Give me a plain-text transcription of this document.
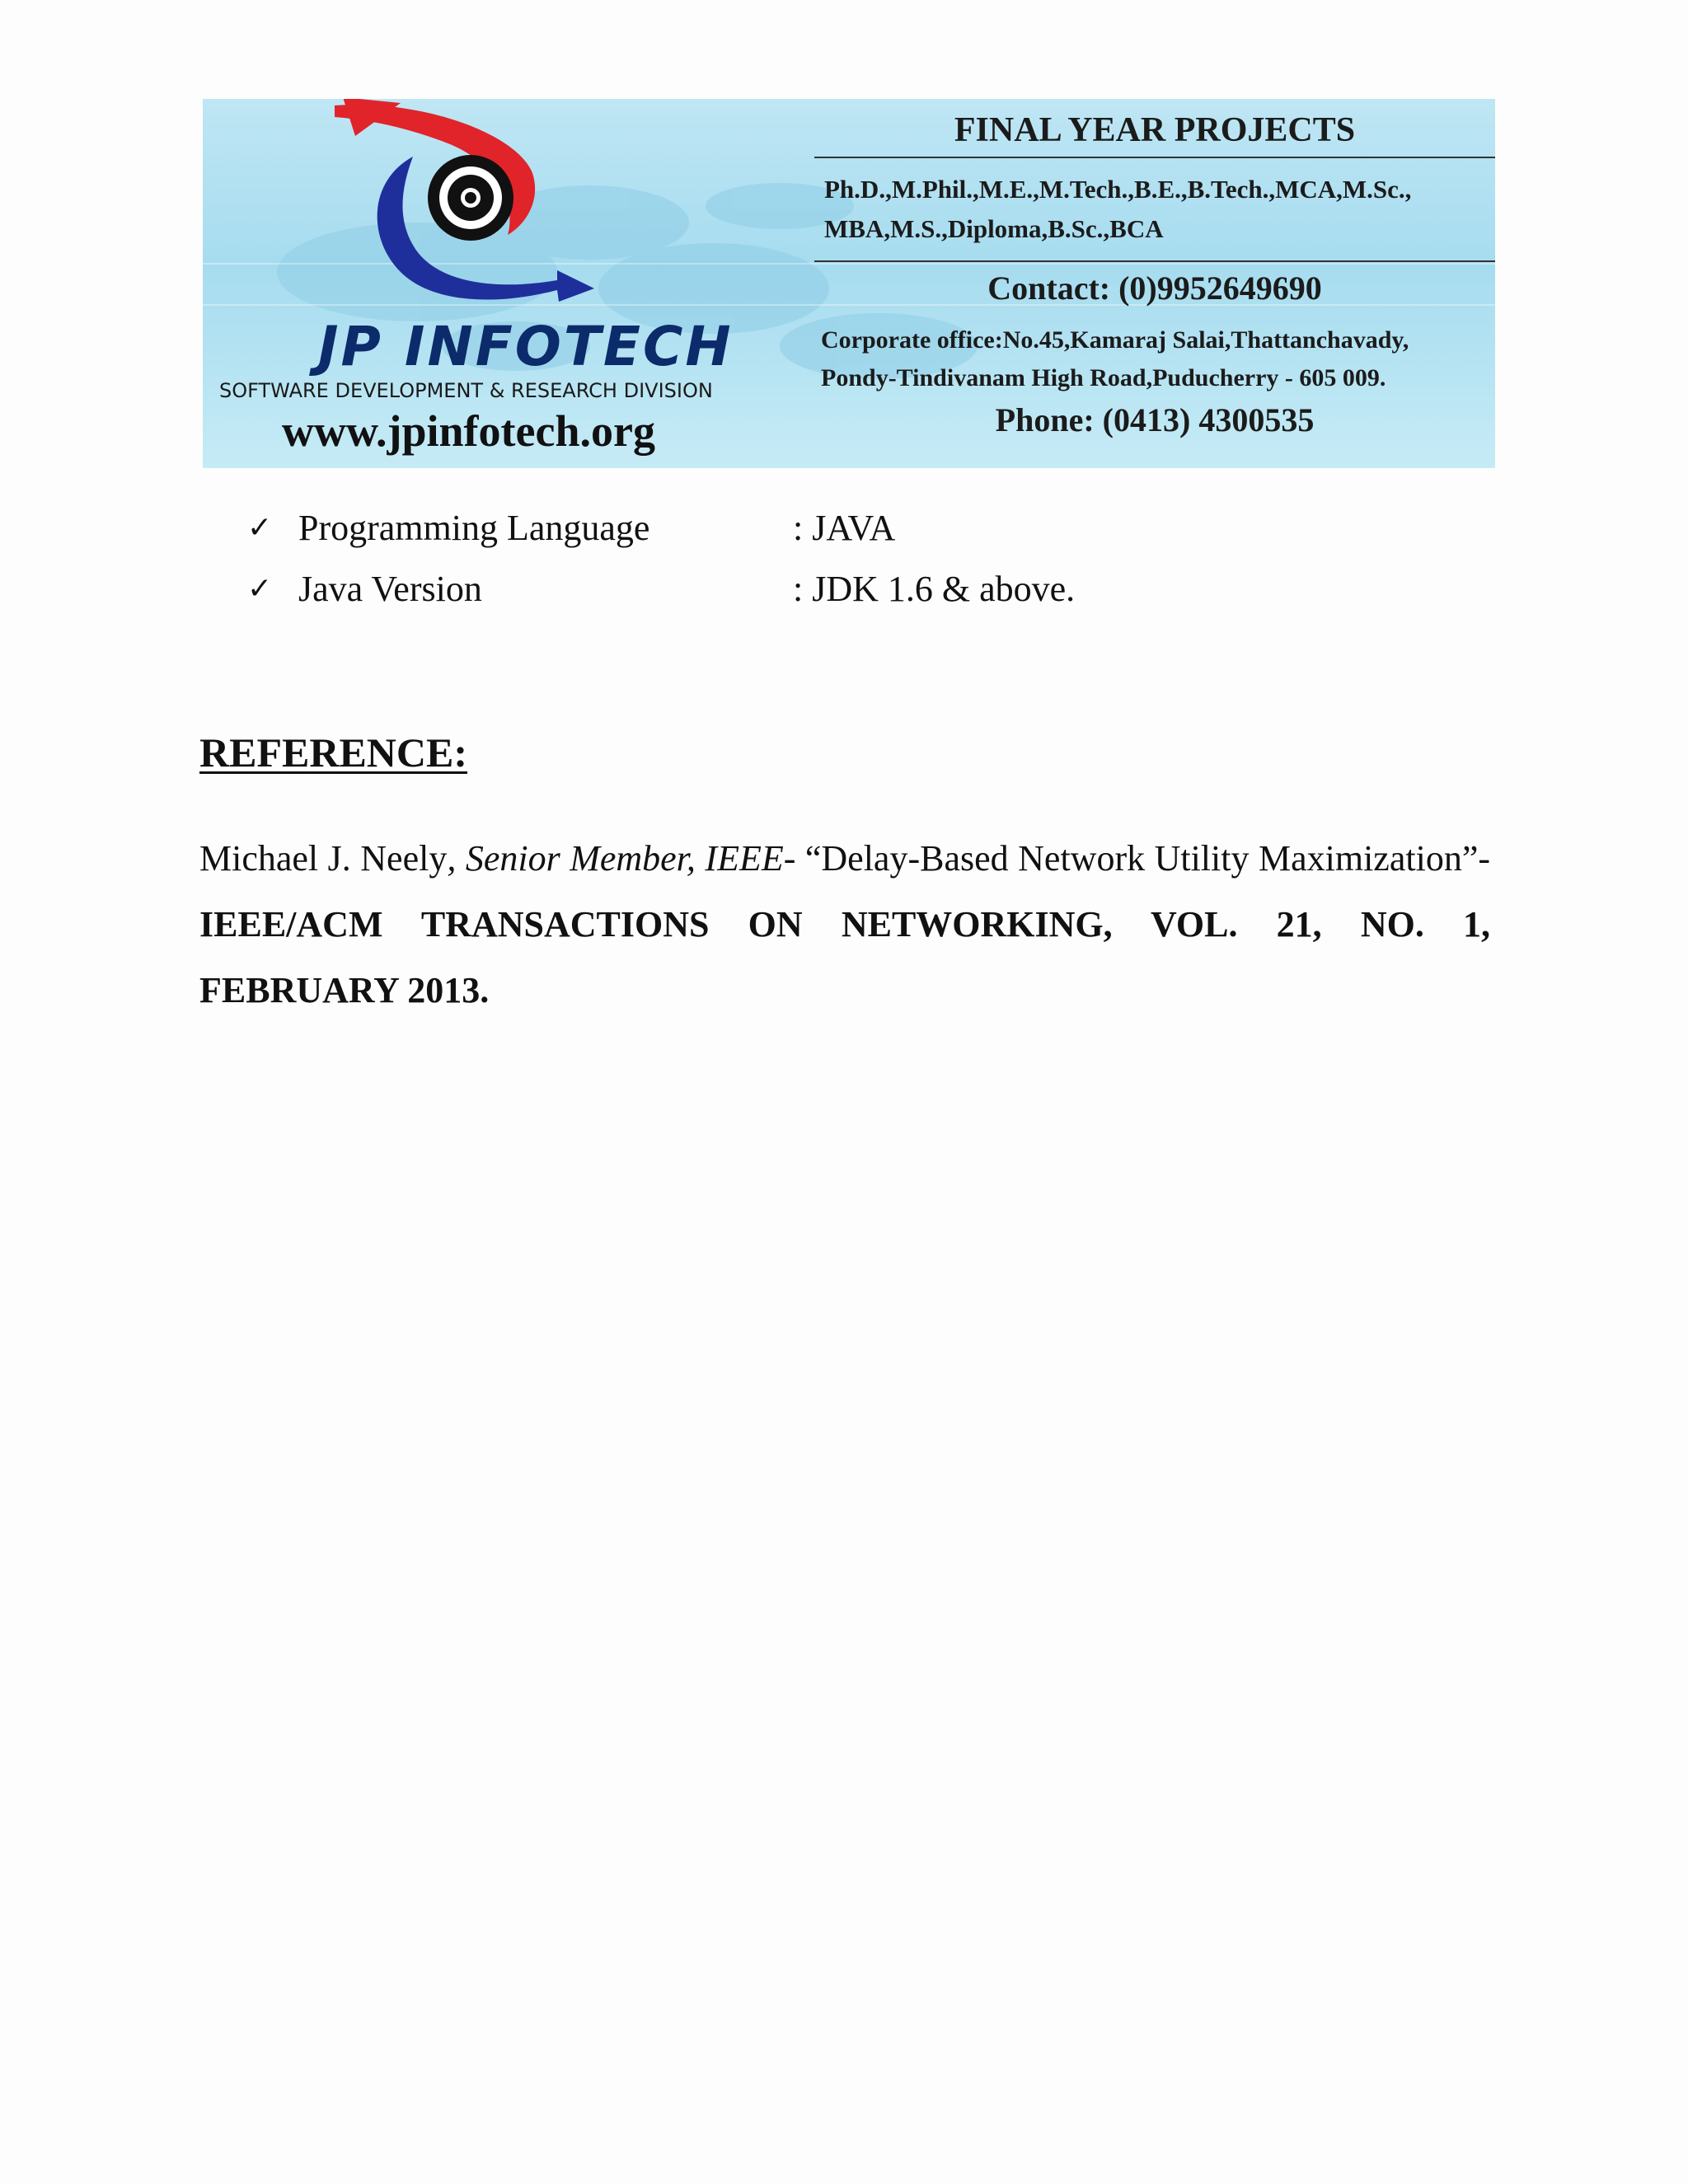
JP INFOTECH
SOFTWARE DEVELOPMENT & RESEARCH DIVISION
www.jpinfotech.org
FINAL YEAR PROJECTS
Ph.D.,M.Phil.,M.E.,M.Tech.,B.E.,B.Tech.,MCA,M.Sc.,
MBA,M.S.,Diploma,B.Sc.,BCA
Contact: (0)9952649690
Corporate office:No.45,Kamaraj Salai,Thattanchavady,
Pondy-Tindivanam High Road,Puducherry - 605 009.
Phone: (0413) 4300535
✓ Programming Language	: JAVA
✓ Java Version	: JDK 1.6 & above.
REFERENCE:
Michael J. Neely, Senior Member, IEEE- “Delay-Based Network Utility Maximization”- IEEE/ACM TRANSACTIONS ON NETWORKING, VOL. 21, NO. 1, FEBRUARY 2013.
